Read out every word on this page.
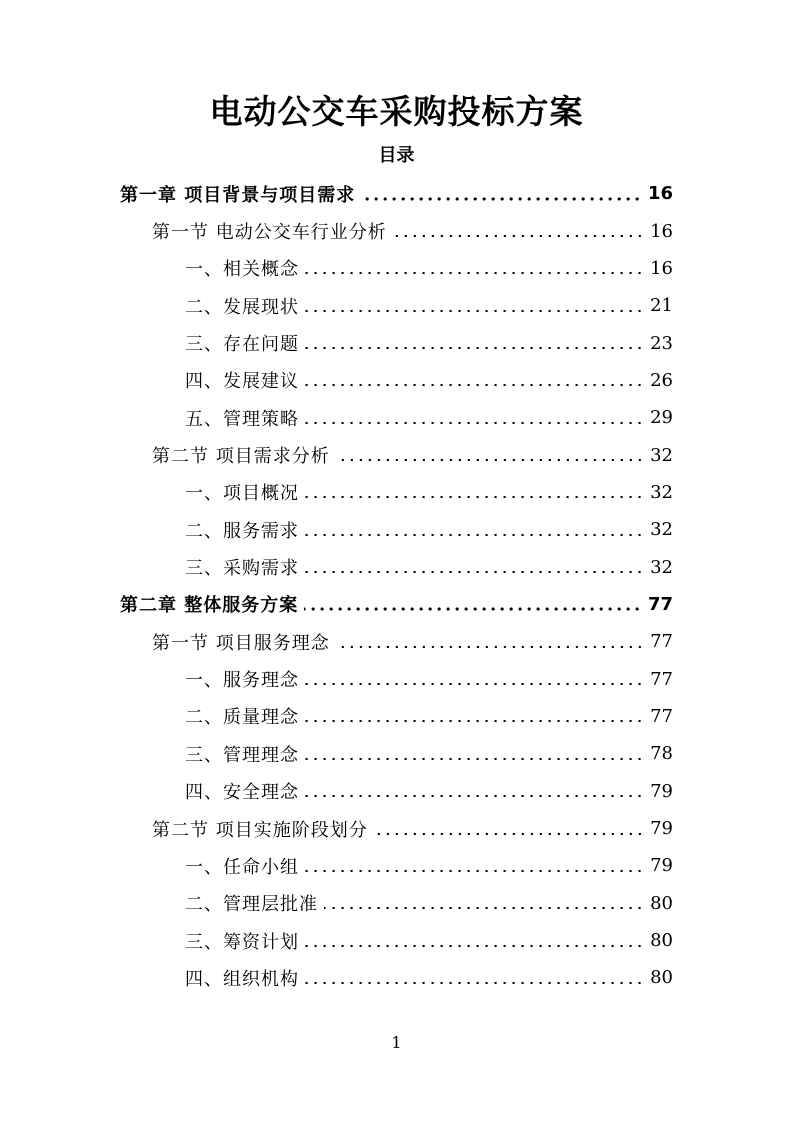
电动公交车采购投标方案
目录
第一章 项目背景与项目需求	16
第一节 电动公交车行业分析	16
一、相关概念	16
二、发展现状	21
三、存在问题	23
四、发展建议	26
五、管理策略	29
第二节 项目需求分析	32
一、项目概况	32
二、服务需求	32
三、采购需求	32
第二章 整体服务方案	77
第一节 项目服务理念	77
一、服务理念	77
二、质量理念	77
三、管理理念	78
四、安全理念	79
第二节 项目实施阶段划分	79
一、任命小组	79
二、管理层批准	80
三、筹资计划	80
四、组织机构	80
1
